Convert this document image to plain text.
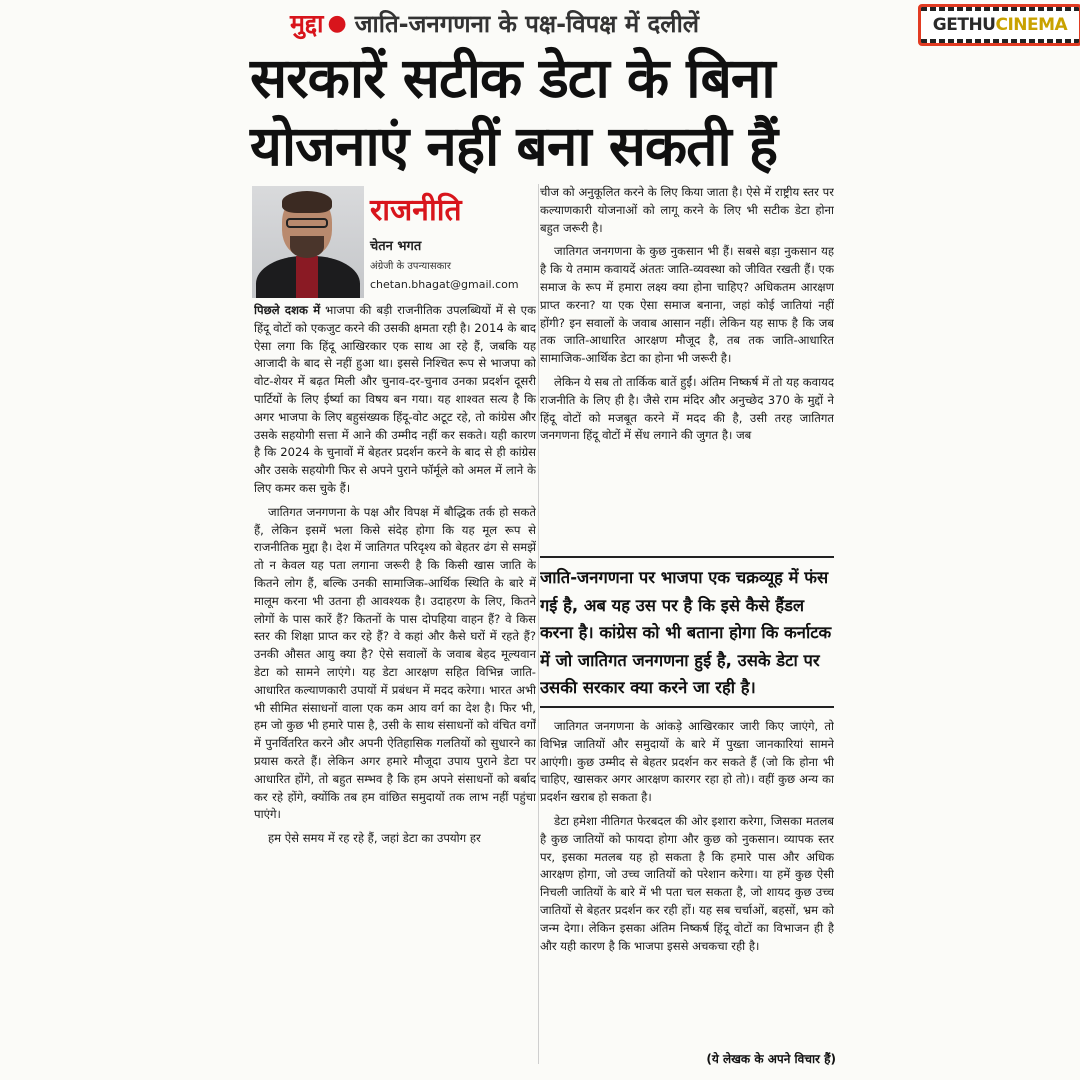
GETHU CINEMA
मुद्दा ● जाति-जनगणना के पक्ष-विपक्ष में दलीलें
सरकारें सटीक डेटा के बिना योजनाएं नहीं बना सकती हैं
राजनीति
चेतन भगत
अंग्रेजी के उपन्यासकार
chetan.bhagat@gmail.com

पिछले दशक में भाजपा की बड़ी राजनीतिक उपलब्धियों में से एक हिंदू वोटों को एकजुट करने की उसकी क्षमता रही है। 2014 के बाद ऐसा लगा कि हिंदू आखिरकार एक साथ आ रहे हैं, जबकि यह आजादी के बाद से नहीं हुआ था। इससे निश्चित रूप से भाजपा को वोट-शेयर में बढ़त मिली और चुनाव-दर-चुनाव उनका प्रदर्शन दूसरी पार्टियों के लिए ईर्ष्या का विषय बन गया। यह शाश्वत सत्य है कि अगर भाजपा के लिए बहुसंख्यक हिंदू-वोट अटूट रहे, तो कांग्रेस और उसके सहयोगी सत्ता में आने की उम्मीद नहीं कर सकते। यही कारण है कि 2024 के चुनावों में बेहतर प्रदर्शन करने के बाद से ही कांग्रेस और उसके सहयोगी फिर से अपने पुराने फॉर्मूले को अमल में लाने के लिए कमर कस चुके हैं।

जातिगत जनगणना के पक्ष और विपक्ष में बौद्धिक तर्क हो सकते हैं, लेकिन इसमें भला किसे संदेह होगा कि यह मूल रूप से राजनीतिक मुद्दा है। देश में जातिगत परिदृश्य को बेहतर ढंग से समझें तो न केवल यह पता लगाना जरूरी है कि किसी खास जाति के कितने लोग हैं, बल्कि उनकी सामाजिक-आर्थिक स्थिति के बारे में मालूम करना भी उतना ही आवश्यक है। उदाहरण के लिए, कितने लोगों के पास कारें हैं? कितनों के पास दोपहिया वाहन हैं? वे किस स्तर की शिक्षा प्राप्त कर रहे हैं? वे कहां और कैसे घरों में रहते हैं? उनकी औसत आयु क्या है? ऐसे सवालों के जवाब बेहद मूल्यवान डेटा को सामने लाएंगे। यह डेटा आरक्षण सहित विभिन्न जाति-आधारित कल्याणकारी उपायों में प्रबंधन में मदद करेगा। भारत अभी भी सीमित संसाधनों वाला एक कम आय वर्ग का देश है। फिर भी, हम जो कुछ भी हमारे पास है, उसी के साथ संसाधनों को वंचित वर्गों में पुनर्वितरित करने और अपनी ऐतिहासिक गलतियों को सुधारने का प्रयास करते हैं। लेकिन अगर हमारे मौजूदा उपाय पुराने डेटा पर आधारित होंगे, तो बहुत सम्भव है कि हम अपने संसाधनों को बर्बाद कर रहे होंगे, क्योंकि तब हम वांछित समुदायों तक लाभ नहीं पहुंचा पाएंगे।

हम ऐसे समय में रह रहे हैं, जहां डेटा का उपयोग हर

चीज को अनुकूलित करने के लिए किया जाता है। ऐसे में राष्ट्रीय स्तर पर कल्याणकारी योजनाओं को लागू करने के लिए भी सटीक डेटा होना बहुत जरूरी है।

जातिगत जनगणना के कुछ नुकसान भी हैं। सबसे बड़ा नुकसान यह है कि ये तमाम कवायदें अंततः जाति-व्यवस्था को जीवित रखती हैं। एक समाज के रूप में हमारा लक्ष्य क्या होना चाहिए? अधिकतम आरक्षण प्राप्त करना? या एक ऐसा समाज बनाना, जहां कोई जातियां नहीं होंगी? इन सवालों के जवाब आसान नहीं। लेकिन यह साफ है कि जब तक जाति-आधारित आरक्षण मौजूद है, तब तक जाति-आधारित सामाजिक-आर्थिक डेटा का होना भी जरूरी है।

लेकिन ये सब तो तार्किक बातें हुईं। अंतिम निष्कर्ष में तो यह कवायद राजनीति के लिए ही है। जैसे राम मंदिर और अनुच्छेद 370 के मुद्दों ने हिंदू वोटों को मजबूत करने में मदद की है, उसी तरह जातिगत जनगणना हिंदू वोटों में सेंध लगाने की जुगत है। जब

जाति-जनगणना पर भाजपा एक चक्रव्यूह में फंस गई है, अब यह उस पर है कि इसे कैसे हैंडल करना है। कांग्रेस को भी बताना होगा कि कर्नाटक में जो जातिगत जनगणना हुई है, उसके डेटा पर उसकी सरकार क्या करने जा रही है।

जातिगत जनगणना के आंकड़े आखिरकार जारी किए जाएंगे, तो विभिन्न जातियों और समुदायों के बारे में पुख्ता जानकारियां सामने आएंगी। कुछ उम्मीद से बेहतर प्रदर्शन कर सकते हैं (जो कि होना भी चाहिए, खासकर अगर आरक्षण कारगर रहा हो तो)। वहीं कुछ अन्य का प्रदर्शन खराब हो सकता है।

डेटा हमेशा नीतिगत फेरबदल की ओर इशारा करेगा, जिसका मतलब है कुछ जातियों को फायदा होगा और कुछ को नुकसान। व्यापक स्तर पर, इसका मतलब यह हो सकता है कि हमारे पास और अधिक आरक्षण होगा, जो उच्च जातियों को परेशान करेगा। या हमें कुछ ऐसी निचली जातियों के बारे में भी पता चल सकता है, जो शायद कुछ उच्च जातियों से बेहतर प्रदर्शन कर रही हों। यह सब चर्चाओं, बहसों, भ्रम को जन्म देगा। लेकिन इसका अंतिम निष्कर्ष हिंदू वोटों का विभाजन ही है और यही कारण है कि भाजपा इससे अचकचा रही है।

(ये लेखक के अपने विचार हैं)
